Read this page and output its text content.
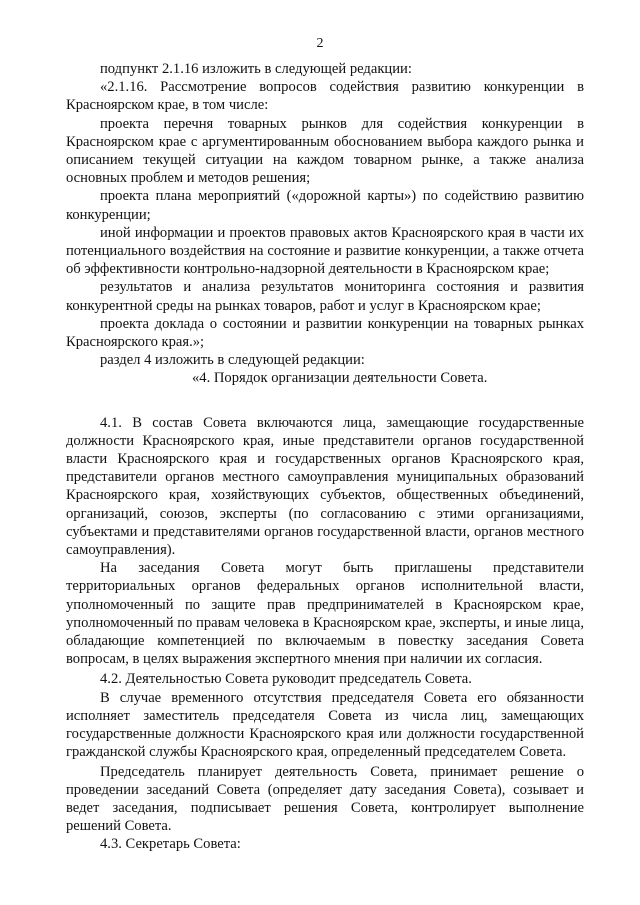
2

подпункт 2.1.16 изложить в следующей редакции:

«2.1.16. Рассмотрение вопросов содействия развитию конкуренции в Красноярском крае, в том числе:

проекта перечня товарных рынков для содействия конкуренции в Красноярском крае с аргументированным обоснованием выбора каждого рынка и описанием текущей ситуации на каждом товарном рынке, а также анализа основных проблем и методов решения;

проекта плана мероприятий («дорожной карты») по содействию развитию конкуренции;

иной информации и проектов правовых актов Красноярского края в части их потенциального воздействия на состояние и развитие конкуренции, а также отчета об эффективности контрольно-надзорной деятельности в Красноярском крае;

результатов и анализа результатов мониторинга состояния и развития конкурентной среды на рынках товаров, работ и услуг в Красноярском крае;

проекта доклада о состоянии и развитии конкуренции на товарных рынках Красноярского края.»;

раздел 4 изложить в следующей редакции:

«4. Порядок организации деятельности Совета.

4.1. В состав Совета включаются лица, замещающие государственные должности Красноярского края, иные представители органов государственной власти Красноярского края и государственных органов Красноярского края, представители органов местного самоуправления муниципальных образований Красноярского края, хозяйствующих субъектов, общественных объединений, организаций, союзов, эксперты (по согласованию с этими организациями, субъектами и представителями органов государственной власти, органов местного самоуправления).

На заседания Совета могут быть приглашены представители территориальных органов федеральных органов исполнительной власти, уполномоченный по защите прав предпринимателей в Красноярском крае, уполномоченный по правам человека в Красноярском крае, эксперты, и иные лица, обладающие компетенцией по включаемым в повестку заседания Совета вопросам, в целях выражения экспертного мнения при наличии их согласия.

4.2. Деятельностью Совета руководит председатель Совета.

В случае временного отсутствия председателя Совета его обязанности исполняет заместитель председателя Совета из числа лиц, замещающих государственные должности Красноярского края или должности государственной гражданской службы Красноярского края, определенный председателем Совета.

Председатель планирует деятельность Совета, принимает решение о проведении заседаний Совета (определяет дату заседания Совета), созывает и ведет заседания, подписывает решения Совета, контролирует выполнение решений Совета.

4.3. Секретарь Совета:
